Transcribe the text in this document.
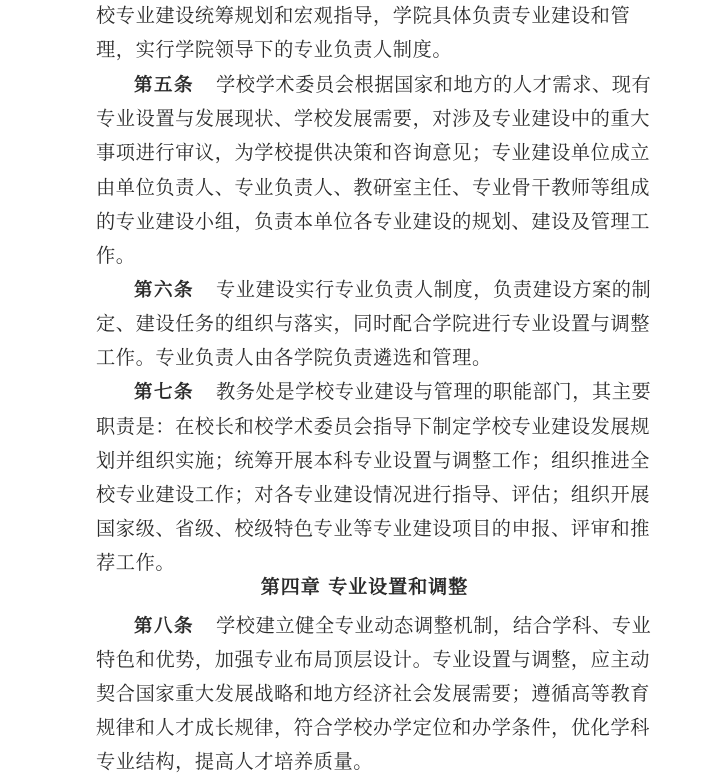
校专业建设统筹规划和宏观指导，学院具体负责专业建设和管
理，实行学院领导下的专业负责人制度。
第五条 学校学术委员会根据国家和地方的人才需求、现有
专业设置与发展现状、学校发展需要，对涉及专业建设中的重大
事项进行审议，为学校提供决策和咨询意见；专业建设单位成立
由单位负责人、专业负责人、教研室主任、专业骨干教师等组成
的专业建设小组，负责本单位各专业建设的规划、建设及管理工
作。
第六条 专业建设实行专业负责人制度，负责建设方案的制
定、建设任务的组织与落实，同时配合学院进行专业设置与调整
工作。专业负责人由各学院负责遴选和管理。
第七条 教务处是学校专业建设与管理的职能部门，其主要
职责是：在校长和校学术委员会指导下制定学校专业建设发展规
划并组织实施；统筹开展本科专业设置与调整工作；组织推进全
校专业建设工作；对各专业建设情况进行指导、评估；组织开展
国家级、省级、校级特色专业等专业建设项目的申报、评审和推
荐工作。
第四章 专业设置和调整
第八条 学校建立健全专业动态调整机制，结合学科、专业
特色和优势，加强专业布局顶层设计。专业设置与调整，应主动
契合国家重大发展战略和地方经济社会发展需要；遵循高等教育
规律和人才成长规律，符合学校办学定位和办学条件，优化学科
专业结构，提高人才培养质量。
